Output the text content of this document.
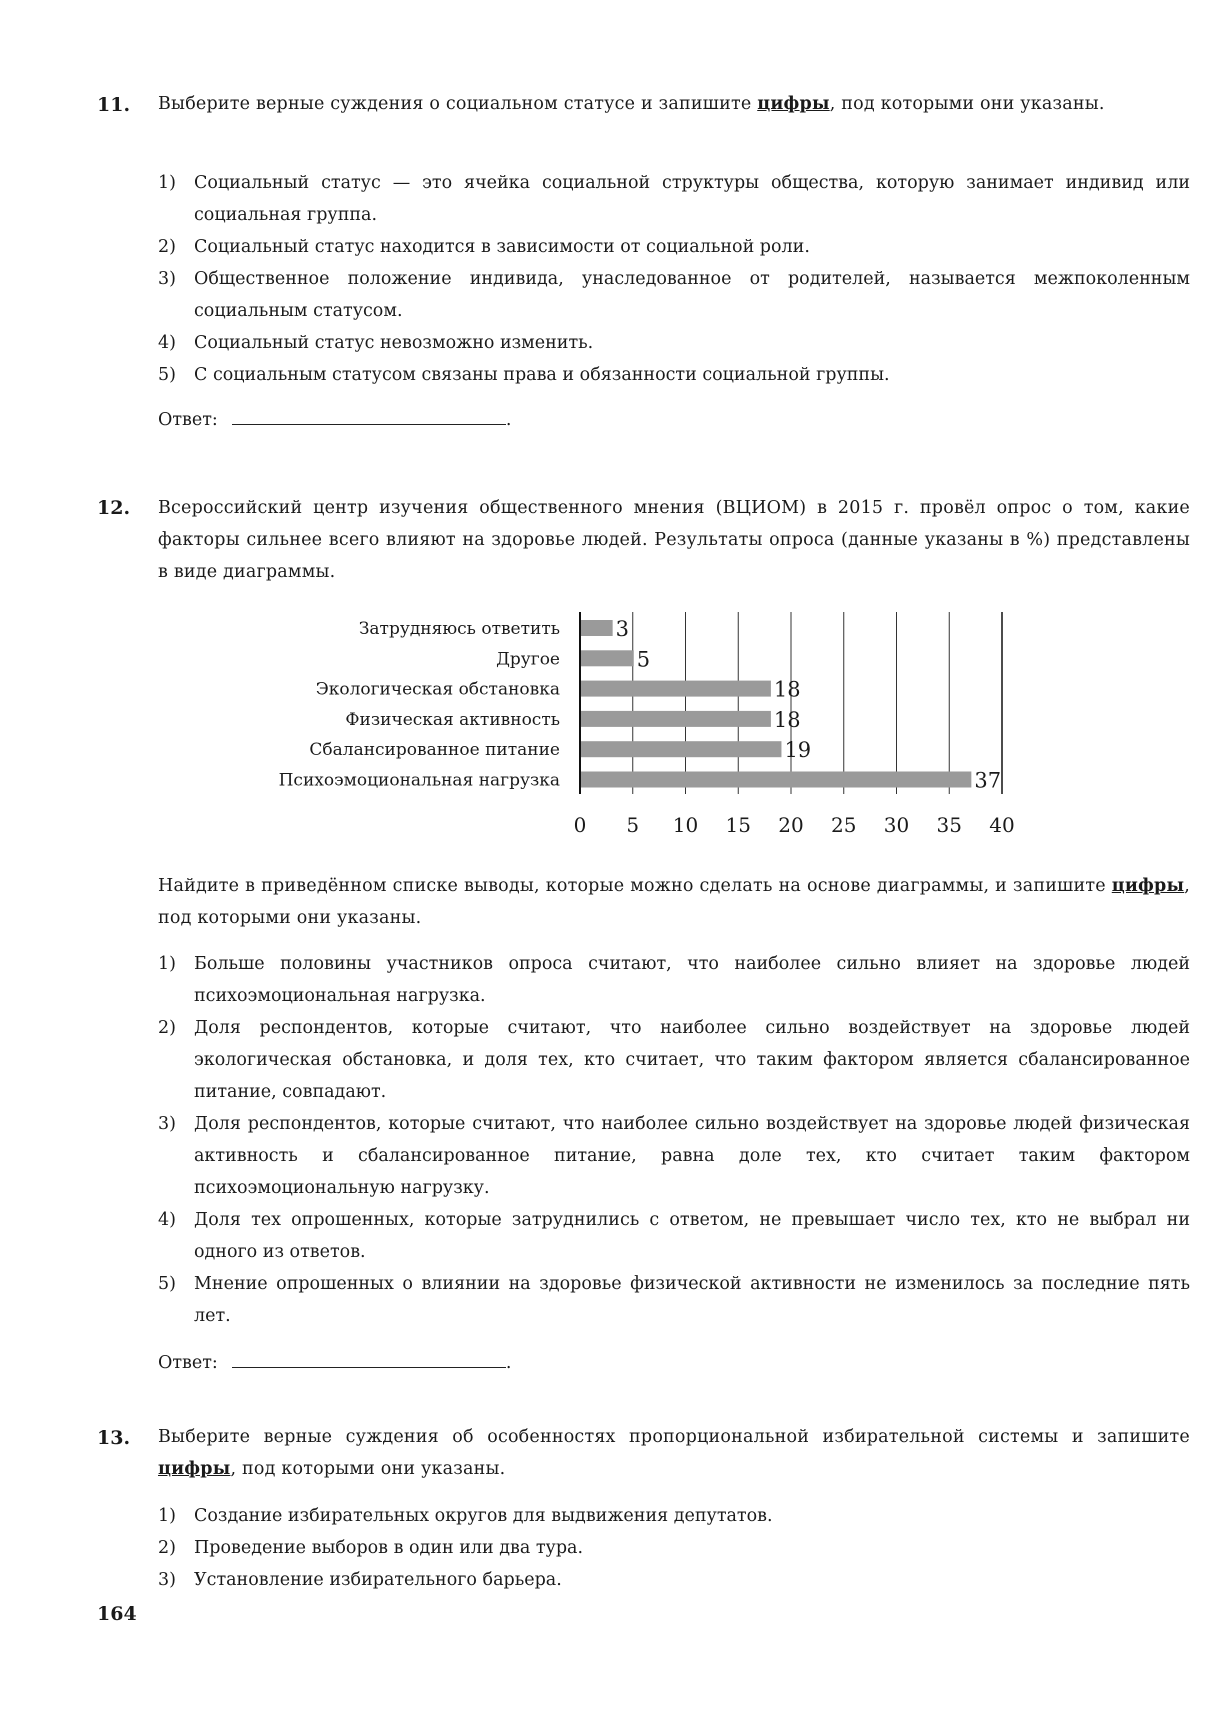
11. Выберите верные суждения о социальном статусе и запишите цифры, под которыми они указаны.
1) Социальный статус — это ячейка социальной структуры общества, которую занимает индивид или социальная группа.
2) Социальный статус находится в зависимости от социальной роли.
3) Общественное положение индивида, унаследованное от родителей, называется межпоколенным социальным статусом.
4) Социальный статус невозможно изменить.
5) С социальным статусом связаны права и обязанности социальной группы.
Ответ:	.
12. Всероссийский центр изучения общественного мнения (ВЦИОМ) в 2015 г. провёл опрос о том, какие факторы сильнее всего влияют на здоровье людей. Результаты опроса (данные указаны в %) представлены в виде диаграммы.
0 5 10 15 20 25 30 35 40
Затрудняюсь ответить	3
Другое	5
Экологическая обстановка	18
Физическая активность	18
Сбалансированное питание	19
Психоэмоциональная нагрузка	37
Найдите в приведённом списке выводы, которые можно сделать на основе диаграммы, и запишите цифры, под которыми они указаны.
1) Больше половины участников опроса считают, что наиболее сильно влияет на здоровье людей психоэмоциональная нагрузка.
2) Доля респондентов, которые считают, что наиболее сильно воздействует на здоровье людей экологическая обстановка, и доля тех, кто считает, что таким фактором является сбалансированное питание, совпадают.
3) Доля респондентов, которые считают, что наиболее сильно воздействует на здоровье людей физическая активность и сбалансированное питание, равна доле тех, кто считает таким фактором психоэмоциональную нагрузку.
4) Доля тех опрошенных, которые затруднились с ответом, не превышает число тех, кто не выбрал ни одного из ответов.
5) Мнение опрошенных о влиянии на здоровье физической активности не изменилось за последние пять лет.
Ответ:	.
13. Выберите верные суждения об особенностях пропорциональной избирательной системы и запишите цифры, под которыми они указаны.
1) Создание избирательных округов для выдвижения депутатов.
2) Проведение выборов в один или два тура.
3) Установление избирательного барьера.
164
